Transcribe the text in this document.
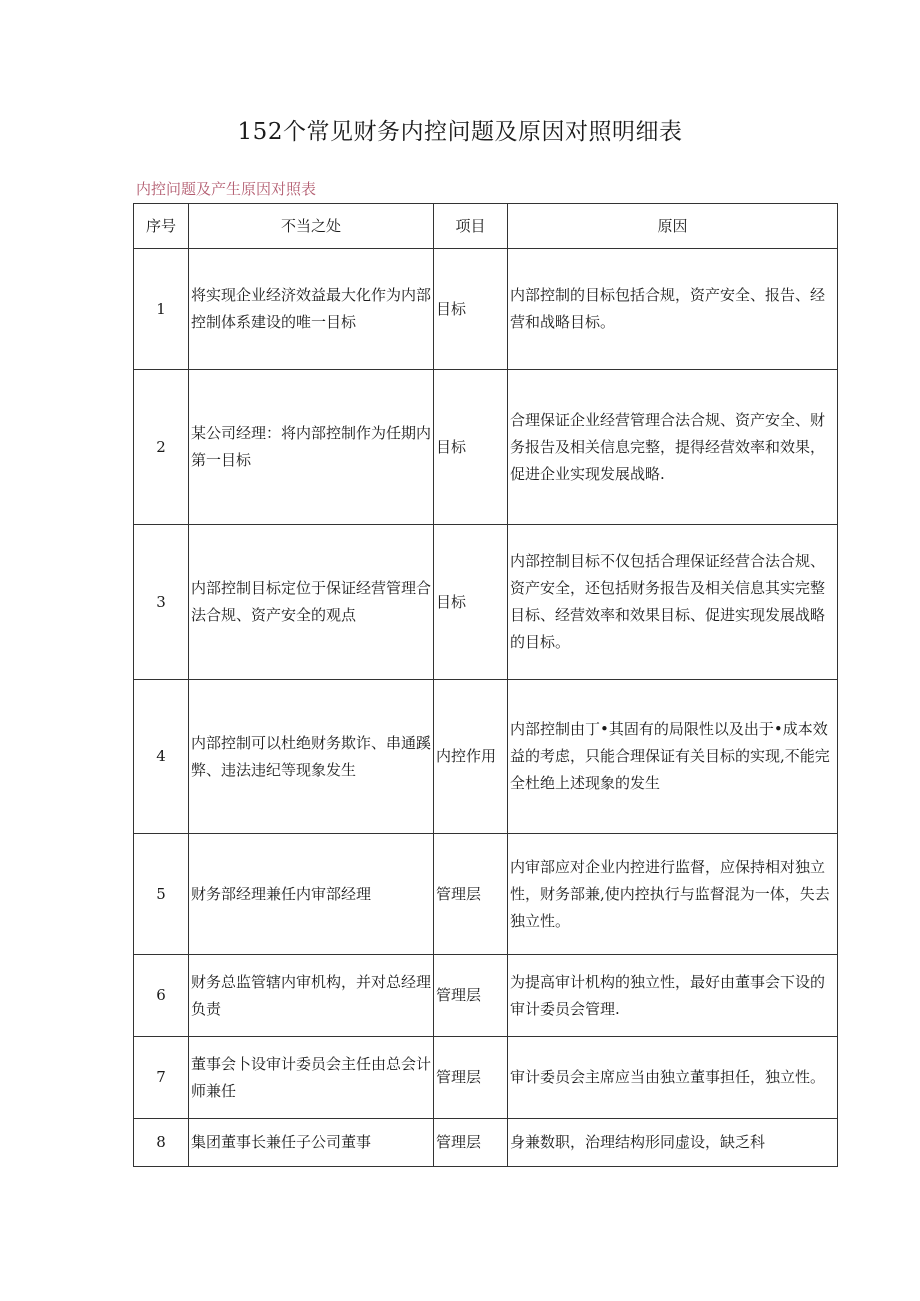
152个常见财务内控问题及原因对照明细表
内控问题及产生原因对照表
序号	不当之处	项目	原因
1	将实现企业经济效益最大化作为内部控制体系建设的唯一目标	目标	内部控制的目标包括合规，资产安全、报告、经营和战略目标。
2	某公司经理：将内部控制作为任期内第一目标	目标	合理保证企业经营管理合法合规、资产安全、财务报告及相关信息完整，提得经营效率和效果，促进企业实现发展战略.
3	内部控制目标定位于保证经营管理合法合规、资产安全的观点	目标	内部控制目标不仅包括合理保证经营合法合规、资产安全，还包括财务报告及相关信息其实完整目标、经营效率和效果目标、促进实现发展战略的目标。
4	内部控制可以杜绝财务欺诈、串通蹊弊、违法违纪等现象发生	内控作用	内部控制由丁•其固有的局限性以及出于•成本效益的考虑，只能合理保证有关目标的实现,不能完全杜绝上述现象的发生
5	财务部经理兼任内审部经理	管理层	内审部应对企业内控进行监督，应保持相对独立性，财务部兼,使内控执行与监督混为一体，失去独立性。
6	财务总监管辖内审机构，并对总经理负责	管理层	为提高审计机构的独立性，最好由董事会下设的审计委员会管理.
7	董事会卜设审计委员会主任由总会计师兼任	管理层	审计委员会主席应当由独立董事担任，独立性。
8	集团董事长兼任子公司董事	管理层	身兼数职，治理结构形同虚设，缺乏科
